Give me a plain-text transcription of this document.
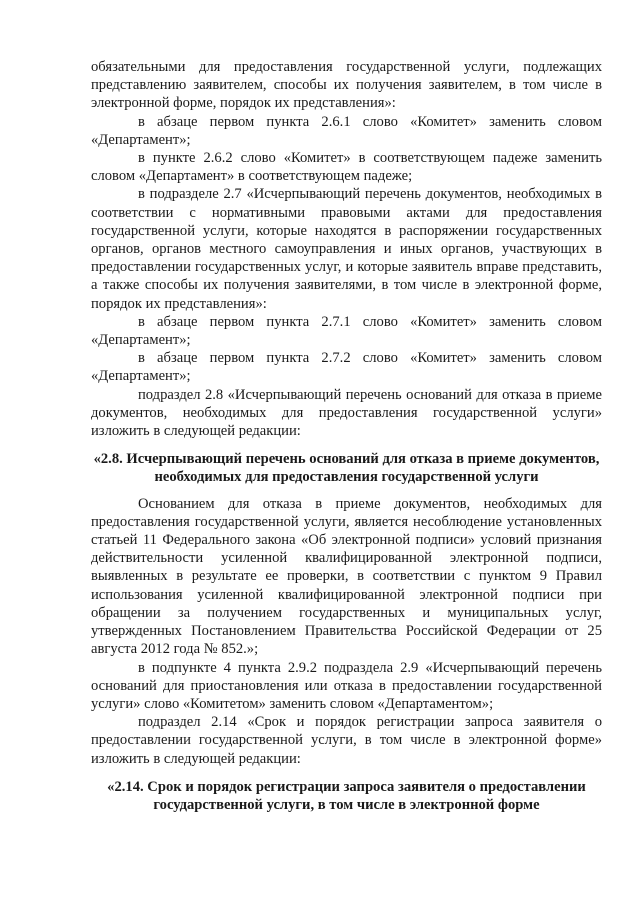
обязательными для предоставления государственной услуги, подлежащих представлению заявителем, способы их получения заявителем, в том числе в электронной форме, порядок их представления»:

в абзаце первом пункта 2.6.1 слово «Комитет» заменить словом «Департамент»;

в пункте 2.6.2 слово «Комитет» в соответствующем падеже заменить словом «Департамент» в соответствующем падеже;

в подразделе 2.7 «Исчерпывающий перечень документов, необходимых в соответствии с нормативными правовыми актами для предоставления государственной услуги, которые находятся в распоряжении государственных органов, органов местного самоуправления и иных органов, участвующих в предоставлении государственных услуг, и которые заявитель вправе представить, а также способы их получения заявителями, в том числе в электронной форме, порядок их представления»:

в абзаце первом пункта 2.7.1 слово «Комитет» заменить словом «Департамент»;

в абзаце первом пункта 2.7.2 слово «Комитет» заменить словом «Департамент»;

подраздел 2.8 «Исчерпывающий перечень оснований для отказа в приеме документов, необходимых для предоставления государственной услуги» изложить в следующей редакции:

«2.8. Исчерпывающий перечень оснований для отказа в приеме документов, необходимых для предоставления государственной услуги

Основанием для отказа в приеме документов, необходимых для предоставления государственной услуги, является несоблюдение установленных статьей 11 Федерального закона «Об электронной подписи» условий признания действительности усиленной квалифицированной электронной подписи, выявленных в результате ее проверки, в соответствии с пунктом 9 Правил использования усиленной квалифицированной электронной подписи при обращении за получением государственных и муниципальных услуг, утвержденных Постановлением Правительства Российской Федерации от 25 августа 2012 года № 852.»;

в подпункте 4 пункта 2.9.2 подраздела 2.9 «Исчерпывающий перечень оснований для приостановления или отказа в предоставлении государственной услуги» слово «Комитетом» заменить словом «Департаментом»;

подраздел 2.14 «Срок и порядок регистрации запроса заявителя о предоставлении государственной услуги, в том числе в электронной форме» изложить в следующей редакции:

«2.14. Срок и порядок регистрации запроса заявителя о предоставлении государственной услуги, в том числе в электронной форме
